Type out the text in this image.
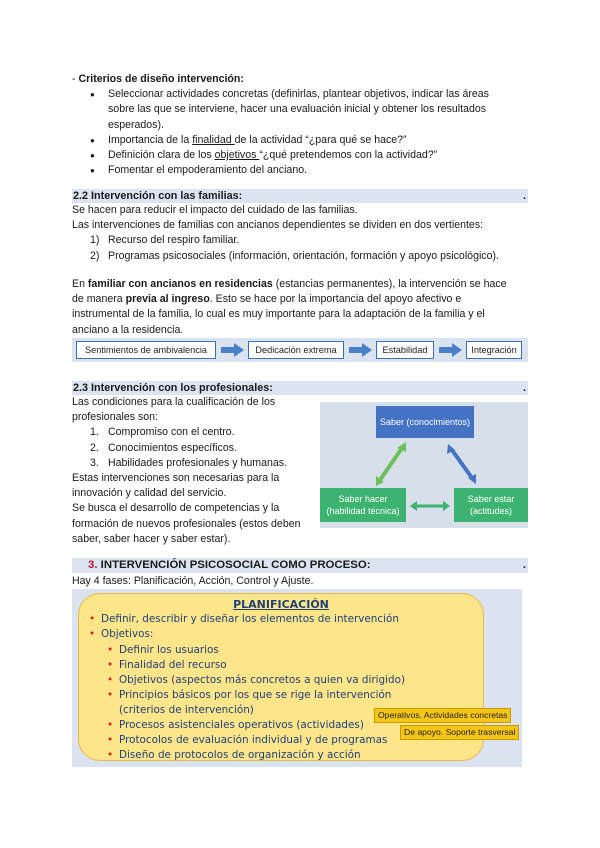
- Criterios de diseño intervención:
● Seleccionar actividades concretas (definirlas, plantear objetivos, indicar las áreas
sobre las que se interviene, hacer una evaluación inicial y obtener los resultados
esperados).
● Importancia de la finalidad de la actividad “¿para qué se hace?”
● Definición clara de los objetivos “¿qué pretendemos con la actividad?”
● Fomentar el empoderamiento del anciano.
2.2 Intervención con las familias:	.
Se hacen para reducir el impacto del cuidado de las familias.
Las intervenciones de familias con ancianos dependientes se dividen en dos vertientes:
1) Recurso del respiro familiar.
2) Programas psicosociales (información, orientación, formación y apoyo psicológico).
En familiar con ancianos en residencias (estancias permanentes), la intervención se hace
de manera previa al ingreso. Esto se hace por la importancia del apoyo afectivo e
instrumental de la familia, lo cual es muy importante para la adaptación de la familia y el
anciano a la residencia.
Sentimientos de ambivalencia	Dedicación extrema	Estabilidad	Integración
2.3 Intervención con los profesionales:	.
Las condiciones para la cualificación de los
profesionales son:
1. Compromiso con el centro.
2. Conocimientos específicos.
3. Habilidades profesionales y humanas.
Estas intervenciones son necesarias para la
innovación y calidad del servicio.
Se busca el desarrollo de competencias y la
formación de nuevos profesionales (estos deben
saber, saber hacer y saber estar).
Saber (conocimientos)
Saber hacer
(habilidad técnica)
Saber estar
(actitudes)
3. INTERVENCIÓN PSICOSOCIAL COMO PROCESO:	.
Hay 4 fases: Planificación, Acción, Control y Ajuste.
PLANIFICACIÓN
• Definir, describir y diseñar los elementos de intervención
• Objetivos:
• Definir los usuarios
• Finalidad del recurso
• Objetivos (aspectos más concretos a quien va dirigido)
• Principios básicos por los que se rige la intervención
(criterios de intervención)
• Procesos asistenciales operativos (actividades)
• Protocolos de evaluación individual y de programas
• Diseño de protocolos de organización y acción
Operativos. Actividades concretas
De apoyo. Soporte trasversal
